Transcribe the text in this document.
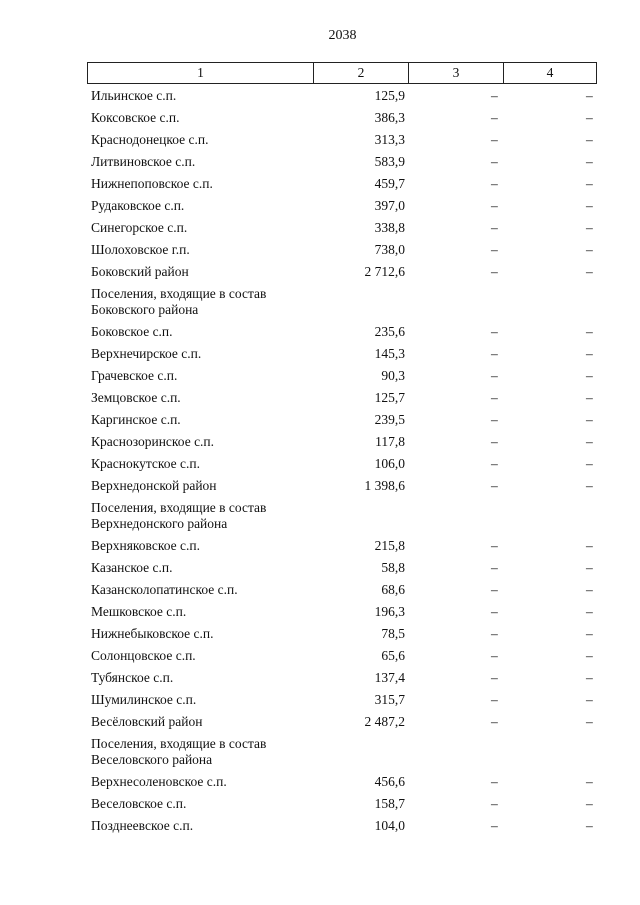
2038
1	2	3	4
Ильинское с.п.	125,9	–	–
Коксовское с.п.	386,3	–	–
Краснодонецкое с.п.	313,3	–	–
Литвиновское с.п.	583,9	–	–
Нижнепоповское с.п.	459,7	–	–
Рудаковское с.п.	397,0	–	–
Синегорское с.п.	338,8	–	–
Шолоховское г.п.	738,0	–	–
Боковский район	2 712,6	–	–
Поселения, входящие в состав Боковского района
Боковское с.п.	235,6	–	–
Верхнечирское с.п.	145,3	–	–
Грачевское с.п.	90,3	–	–
Земцовское с.п.	125,7	–	–
Каргинское с.п.	239,5	–	–
Краснозоринское с.п.	117,8	–	–
Краснокутское с.п.	106,0	–	–
Верхнедонской район	1 398,6	–	–
Поселения, входящие в состав Верхнедонского района
Верхняковское с.п.	215,8	–	–
Казанское с.п.	58,8	–	–
Казансколопатинское с.п.	68,6	–	–
Мешковское с.п.	196,3	–	–
Нижнебыковское с.п.	78,5	–	–
Солонцовское с.п.	65,6	–	–
Тубянское с.п.	137,4	–	–
Шумилинское с.п.	315,7	–	–
Весёловский район	2 487,2	–	–
Поселения, входящие в состав Веселовского района
Верхнесоленовское с.п.	456,6	–	–
Веселовское с.п.	158,7	–	–
Позднеевское с.п.	104,0	–	–
